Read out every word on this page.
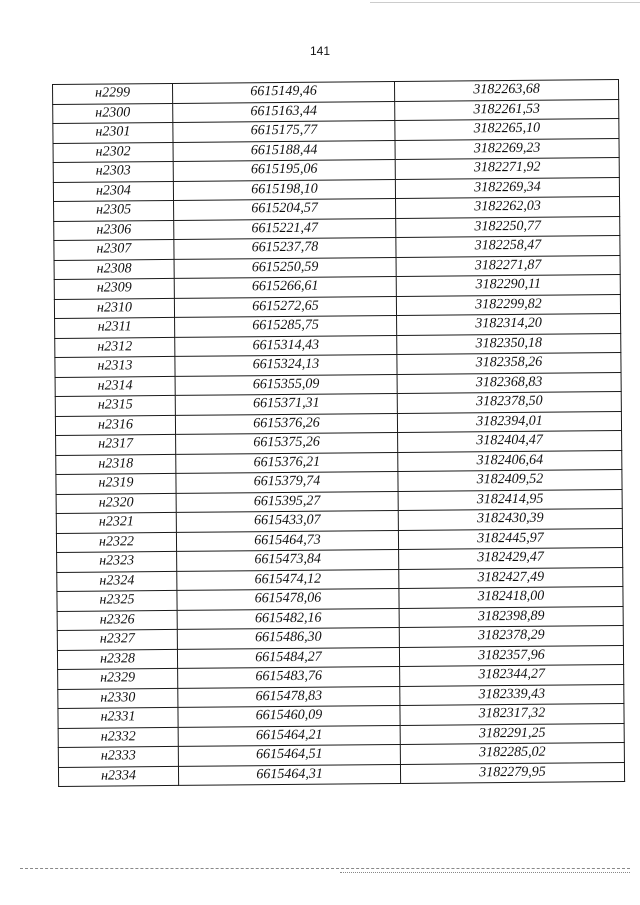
141
н2299	6615149,46	3182263,68
н2300	6615163,44	3182261,53
н2301	6615175,77	3182265,10
н2302	6615188,44	3182269,23
н2303	6615195,06	3182271,92
н2304	6615198,10	3182269,34
н2305	6615204,57	3182262,03
н2306	6615221,47	3182250,77
н2307	6615237,78	3182258,47
н2308	6615250,59	3182271,87
н2309	6615266,61	3182290,11
н2310	6615272,65	3182299,82
н2311	6615285,75	3182314,20
н2312	6615314,43	3182350,18
н2313	6615324,13	3182358,26
н2314	6615355,09	3182368,83
н2315	6615371,31	3182378,50
н2316	6615376,26	3182394,01
н2317	6615375,26	3182404,47
н2318	6615376,21	3182406,64
н2319	6615379,74	3182409,52
н2320	6615395,27	3182414,95
н2321	6615433,07	3182430,39
н2322	6615464,73	3182445,97
н2323	6615473,84	3182429,47
н2324	6615474,12	3182427,49
н2325	6615478,06	3182418,00
н2326	6615482,16	3182398,89
н2327	6615486,30	3182378,29
н2328	6615484,27	3182357,96
н2329	6615483,76	3182344,27
н2330	6615478,83	3182339,43
н2331	6615460,09	3182317,32
н2332	6615464,21	3182291,25
н2333	6615464,51	3182285,02
н2334	6615464,31	3182279,95
